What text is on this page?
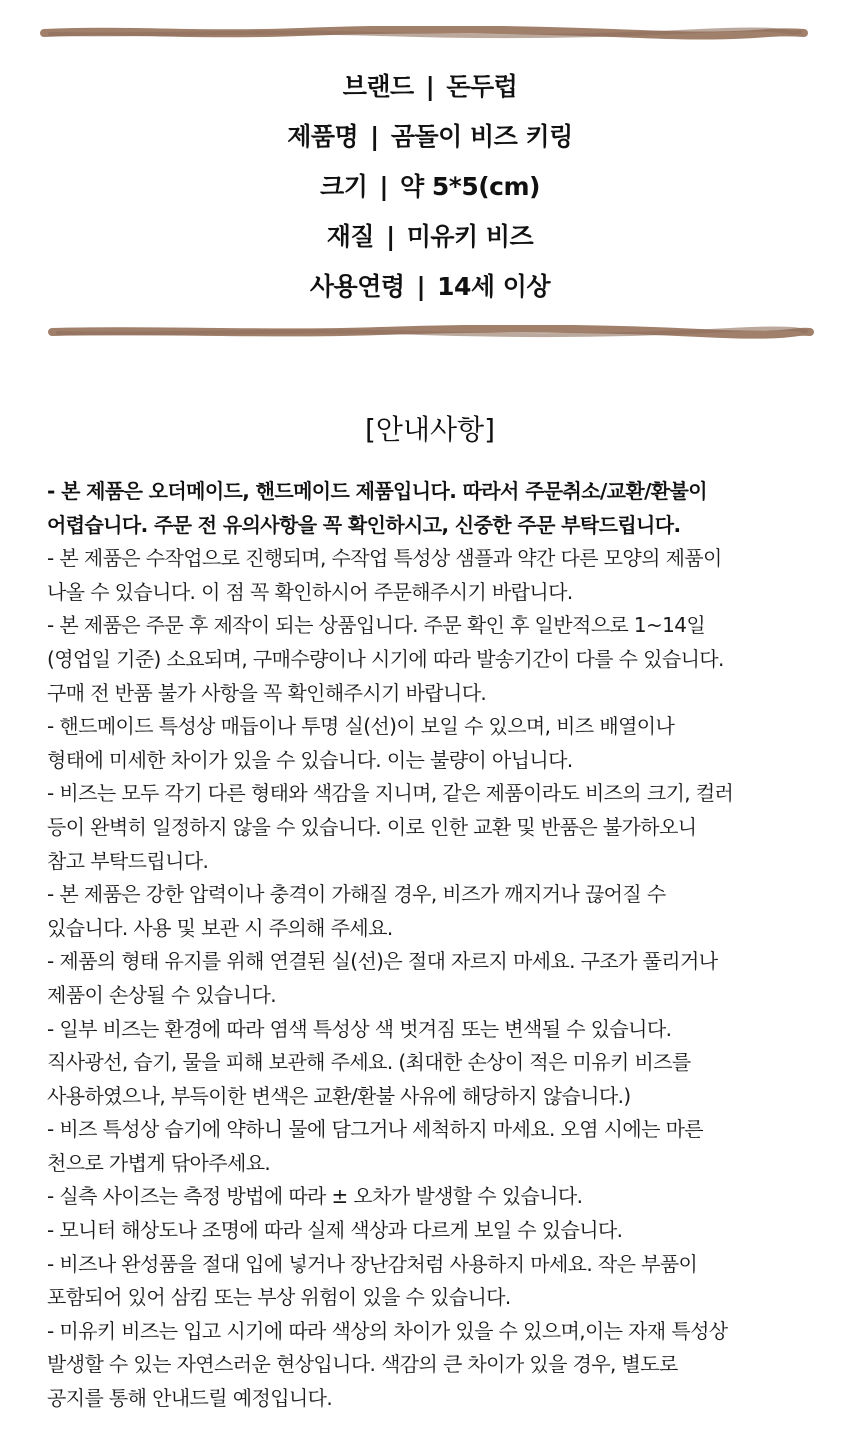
브랜드 | 돈두럽
제품명 | 곰돌이 비즈 키링
크기 | 약 5*5(cm)
재질 | 미유키 비즈
사용연령 | 14세 이상
[안내사항]
- 본 제품은 오더메이드, 핸드메이드 제품입니다. 따라서 주문취소/교환/환불이
어렵습니다. 주문 전 유의사항을 꼭 확인하시고, 신중한 주문 부탁드립니다.
- 본 제품은 수작업으로 진행되며, 수작업 특성상 샘플과 약간 다른 모양의 제품이
나올 수 있습니다. 이 점 꼭 확인하시어 주문해주시기 바랍니다.
- 본 제품은 주문 후 제작이 되는 상품입니다. 주문 확인 후 일반적으로 1~14일
(영업일 기준) 소요되며, 구매수량이나 시기에 따라 발송기간이 다를 수 있습니다.
구매 전 반품 불가 사항을 꼭 확인해주시기 바랍니다.
- 핸드메이드 특성상 매듭이나 투명 실(선)이 보일 수 있으며, 비즈 배열이나
형태에 미세한 차이가 있을 수 있습니다. 이는 불량이 아닙니다.
- 비즈는 모두 각기 다른 형태와 색감을 지니며, 같은 제품이라도 비즈의 크기, 컬러
등이 완벽히 일정하지 않을 수 있습니다. 이로 인한 교환 및 반품은 불가하오니
참고 부탁드립니다.
- 본 제품은 강한 압력이나 충격이 가해질 경우, 비즈가 깨지거나 끊어질 수
있습니다. 사용 및 보관 시 주의해 주세요.
- 제품의 형태 유지를 위해 연결된 실(선)은 절대 자르지 마세요. 구조가 풀리거나
제품이 손상될 수 있습니다.
- 일부 비즈는 환경에 따라 염색 특성상 색 벗겨짐 또는 변색될 수 있습니다.
직사광선, 습기, 물을 피해 보관해 주세요. (최대한 손상이 적은 미유키 비즈를
사용하였으나, 부득이한 변색은 교환/환불 사유에 해당하지 않습니다.)
- 비즈 특성상 습기에 약하니 물에 담그거나 세척하지 마세요. 오염 시에는 마른
천으로 가볍게 닦아주세요.
- 실측 사이즈는 측정 방법에 따라 ± 오차가 발생할 수 있습니다.
- 모니터 해상도나 조명에 따라 실제 색상과 다르게 보일 수 있습니다.
- 비즈나 완성품을 절대 입에 넣거나 장난감처럼 사용하지 마세요. 작은 부품이
포함되어 있어 삼킴 또는 부상 위험이 있을 수 있습니다.
- 미유키 비즈는 입고 시기에 따라 색상의 차이가 있을 수 있으며,이는 자재 특성상
발생할 수 있는 자연스러운 현상입니다. 색감의 큰 차이가 있을 경우, 별도로
공지를 통해 안내드릴 예정입니다.
